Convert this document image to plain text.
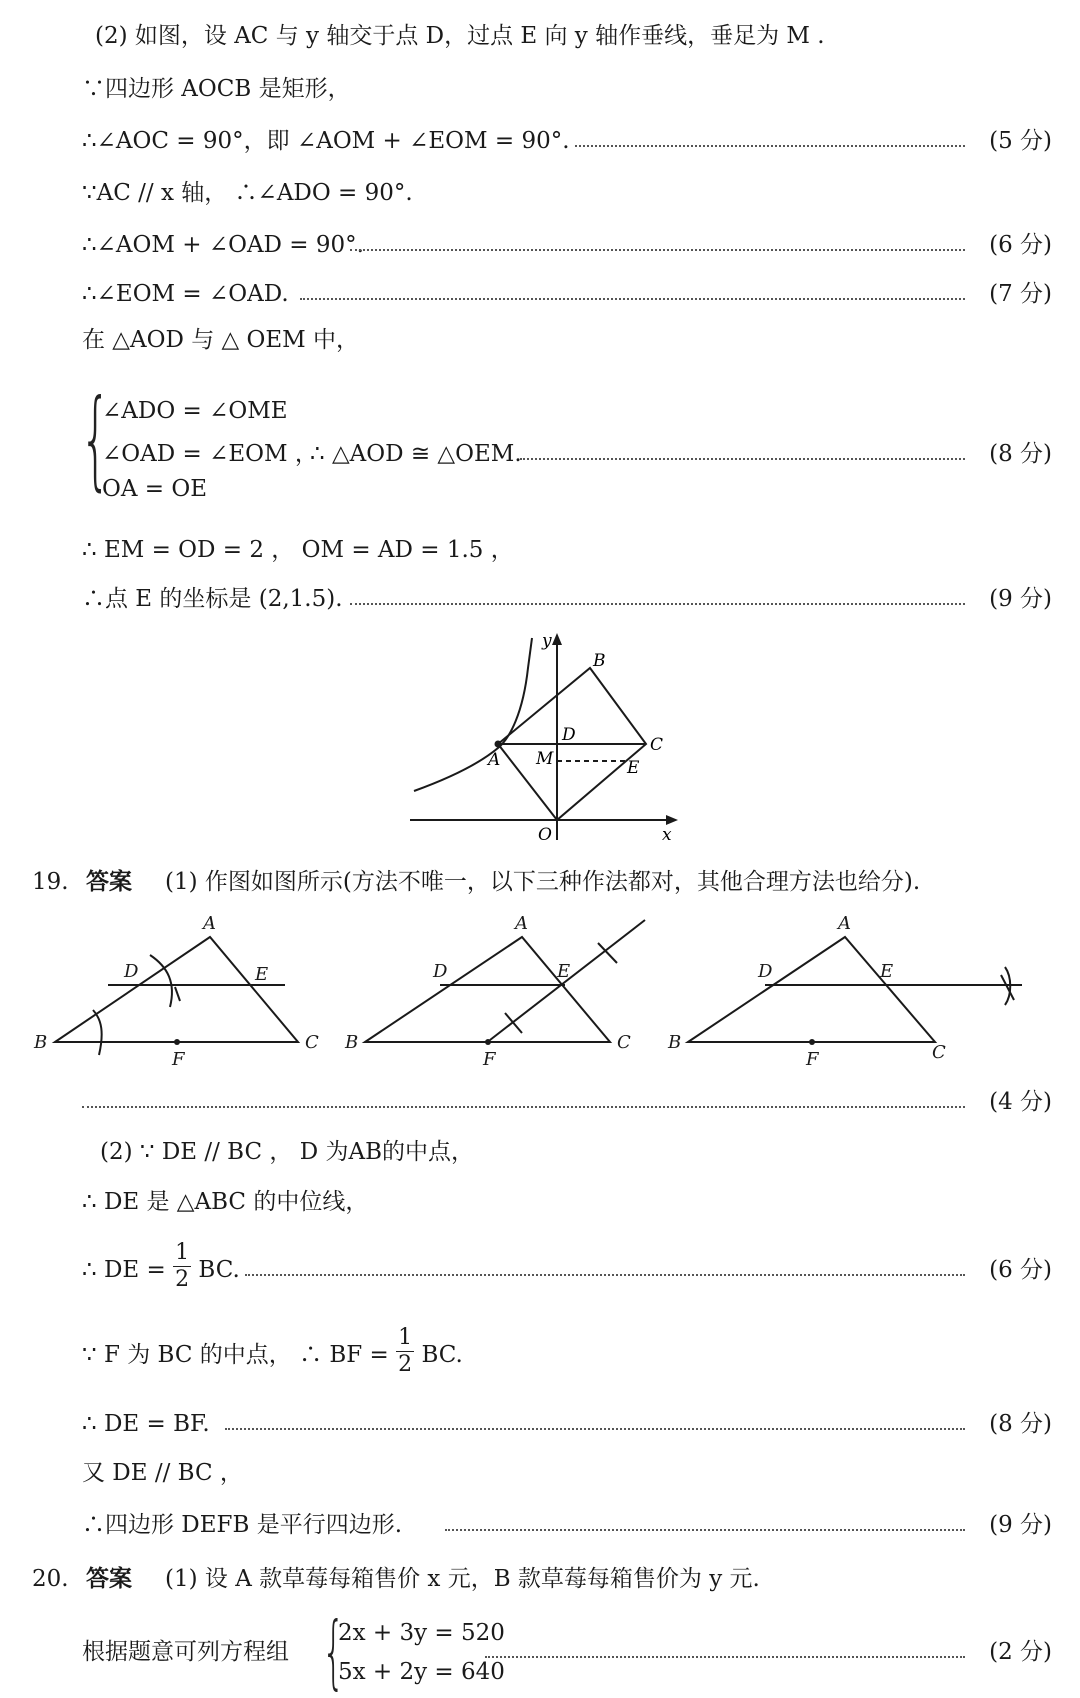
(2) 如图，设 AC 与 y 轴交于点 D，过点 E 向 y 轴作垂线，垂足为 M .
∵四边形 AOCB 是矩形，
∴∠AOC = 90°，即 ∠AOM + ∠EOM = 90°.	(5 分)
∵AC // x 轴， ∴∠ADO = 90°.
∴∠AOM + ∠OAD = 90°.	(6 分)
∴∠EOM = ∠OAD.	(7 分)
在 △AOD 与 △ OEM 中，
{
∠ADO = ∠OME
∠OAD = ∠EOM ，
∴ △AOD ≅ △OEM.	(8 分)
OA = OE
∴ EM = OD = 2 ， OM = AD = 1.5 ，
∴点 E 的坐标是 (2,1.5).	(9 分)
y
x
B
D	C
A M	E
O
19. 答案 (1) 作图如图所示(方法不唯一，以下三种作法都对，其他合理方法也给分).
A
B	C
D	E
F
A
B	C
D	E
F
A
B	C
D	E
F
(4 分)
(2) ∵ DE // BC ， D 为AB的中点，
∴ DE 是 △ABC 的中位线，
∴ DE = $\frac{1}{2}$ BC.	(6 分)
∵ F 为 BC 的中点， ∴ BF = $\frac{1}{2}$ BC.
∴ DE = BF.	(8 分)
又 DE // BC ，
∴四边形 DEFB 是平行四边形.	(9 分)
20. 答案 (1) 设 A 款草莓每箱售价 x 元，B 款草莓每箱售价为 y 元.
根据题意可列方程组	(2 分)
{
2x + 3y = 520
5x + 2y = 640
